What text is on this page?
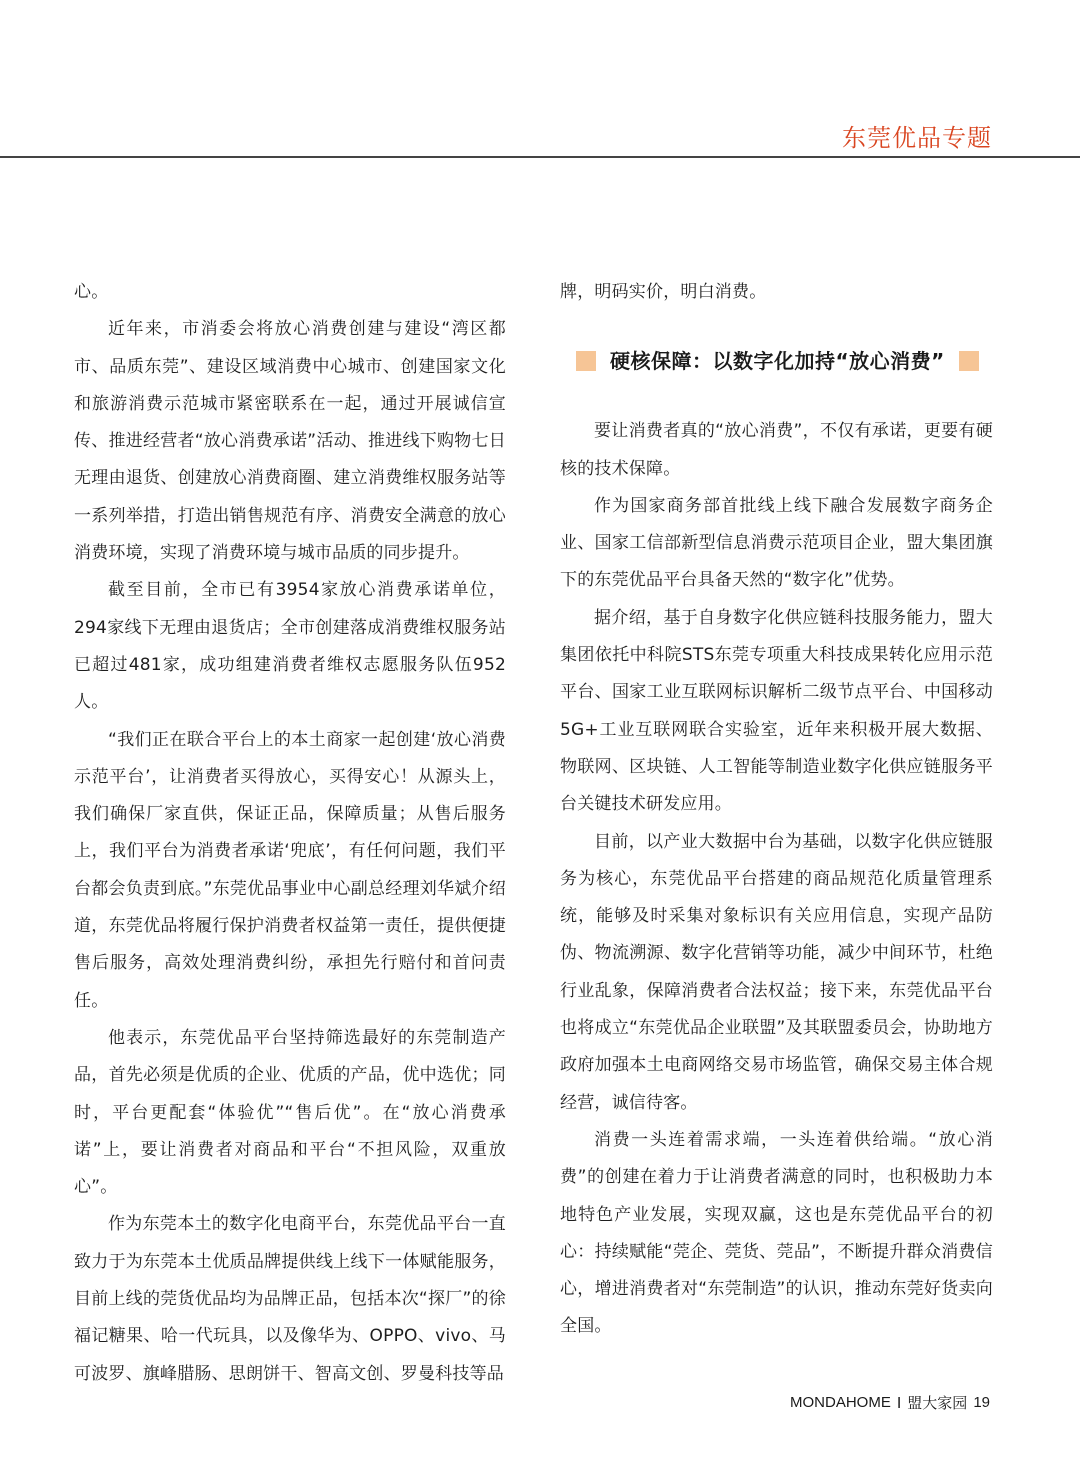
东莞优品专题

心。

近年来，市消委会将放心消费创建与建设“湾区都市、品质东莞”、建设区域消费中心城市、创建国家文化和旅游消费示范城市紧密联系在一起，通过开展诚信宣传、推进经营者“放心消费承诺”活动、推进线下购物七日无理由退货、创建放心消费商圈、建立消费维权服务站等一系列举措，打造出销售规范有序、消费安全满意的放心消费环境，实现了消费环境与城市品质的同步提升。

截至目前，全市已有3954家放心消费承诺单位，294家线下无理由退货店；全市创建落成消费维权服务站已超过481家，成功组建消费者维权志愿服务队伍952人。

“我们正在联合平台上的本土商家一起创建‘放心消费示范平台’，让消费者买得放心，买得安心！从源头上，我们确保厂家直供，保证正品，保障质量；从售后服务上，我们平台为消费者承诺‘兜底’，有任何问题，我们平台都会负责到底。”东莞优品事业中心副总经理刘华斌介绍道，东莞优品将履行保护消费者权益第一责任，提供便捷售后服务，高效处理消费纠纷，承担先行赔付和首问责任。

他表示，东莞优品平台坚持筛选最好的东莞制造产品，首先必须是优质的企业、优质的产品，优中选优；同时，平台更配套“体验优”“售后优”。在“放心消费承诺”上，要让消费者对商品和平台“不担风险，双重放心”。

作为东莞本土的数字化电商平台，东莞优品平台一直致力于为东莞本土优质品牌提供线上线下一体赋能服务，目前上线的莞货优品均为品牌正品，包括本次“探厂”的徐福记糖果、哈一代玩具，以及像华为、OPPO、vivo、马可波罗、旗峰腊肠、思朗饼干、智高文创、罗曼科技等品

牌，明码实价，明白消费。

硬核保障：以数字化加持“放心消费”

要让消费者真的“放心消费”，不仅有承诺，更要有硬核的技术保障。

作为国家商务部首批线上线下融合发展数字商务企业、国家工信部新型信息消费示范项目企业，盟大集团旗下的东莞优品平台具备天然的“数字化”优势。

据介绍，基于自身数字化供应链科技服务能力，盟大集团依托中科院STS东莞专项重大科技成果转化应用示范平台、国家工业互联网标识解析二级节点平台、中国移动5G+工业互联网联合实验室，近年来积极开展大数据、物联网、区块链、人工智能等制造业数字化供应链服务平台关键技术研发应用。

目前，以产业大数据中台为基础，以数字化供应链服务为核心，东莞优品平台搭建的商品规范化质量管理系统，能够及时采集对象标识有关应用信息，实现产品防伪、物流溯源、数字化营销等功能，减少中间环节，杜绝行业乱象，保障消费者合法权益；接下来，东莞优品平台也将成立“东莞优品企业联盟”及其联盟委员会，协助地方政府加强本土电商网络交易市场监管，确保交易主体合规经营，诚信待客。

消费一头连着需求端，一头连着供给端。“放心消费”的创建在着力于让消费者满意的同时，也积极助力本地特色产业发展，实现双赢，这也是东莞优品平台的初心：持续赋能“莞企、莞货、莞品”，不断提升群众消费信心，增进消费者对“东莞制造”的认识，推动东莞好货卖向全国。

MONDAHOME I 盟大家园 19
